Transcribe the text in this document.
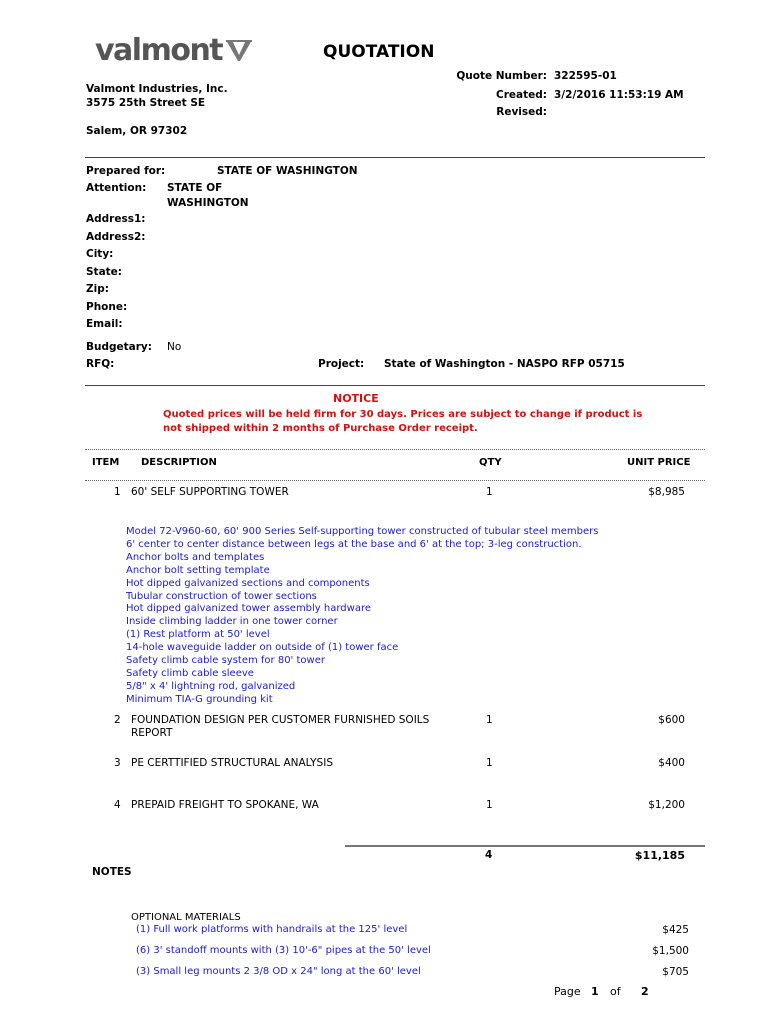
valmont	QUOTATION
Valmont Industries, Inc.
3575 25th Street SE
Salem, OR 97302
Quote Number: 322595-01
Created: 3/2/2016 11:53:19 AM
Revised:
Prepared for:	STATE OF WASHINGTON
Attention: STATE OF
WASHINGTON
Address1:
Address2:
City:
State:
Zip:
Phone:
Email:
Budgetary: No
RFQ:	Project: State of Washington - NASPO RFP 05715
NOTICE
Quoted prices will be held firm for 30 days. Prices are subject to change if product is
not shipped within 2 months of Purchase Order receipt.
ITEM DESCRIPTION	QTY	UNIT PRICE
1 60' SELF SUPPORTING TOWER	1	$8,985
Model 72-V960-60, 60' 900 Series Self-supporting tower constructed of tubular steel members
6' center to center distance between legs at the base and 6' at the top; 3-leg construction.
Anchor bolts and templates
Anchor bolt setting template
Hot dipped galvanized sections and components
Tubular construction of tower sections
Hot dipped galvanized tower assembly hardware
Inside climbing ladder in one tower corner
(1) Rest platform at 50' level
14-hole waveguide ladder on outside of (1) tower face
Safety climb cable system for 80' tower
Safety climb cable sleeve
5/8" x 4' lightning rod, galvanized
Minimum TIA-G grounding kit
2 FOUNDATION DESIGN PER CUSTOMER FURNISHED SOILS
REPORT
1	$600
3 PE CERTTIFIED STRUCTURAL ANALYSIS	1	$400
4 PREPAID FREIGHT TO SPOKANE, WA	1	$1,200
4	$11,185
NOTES
OPTIONAL MATERIALS
(1) Full work platforms with handrails at the 125' level	$425
(6) 3' standoff mounts with (3) 10'-6" pipes at the 50' level	$1,500
(3) Small leg mounts 2 3/8 OD x 24" long at the 60' level	$705
Page 1 of 2
